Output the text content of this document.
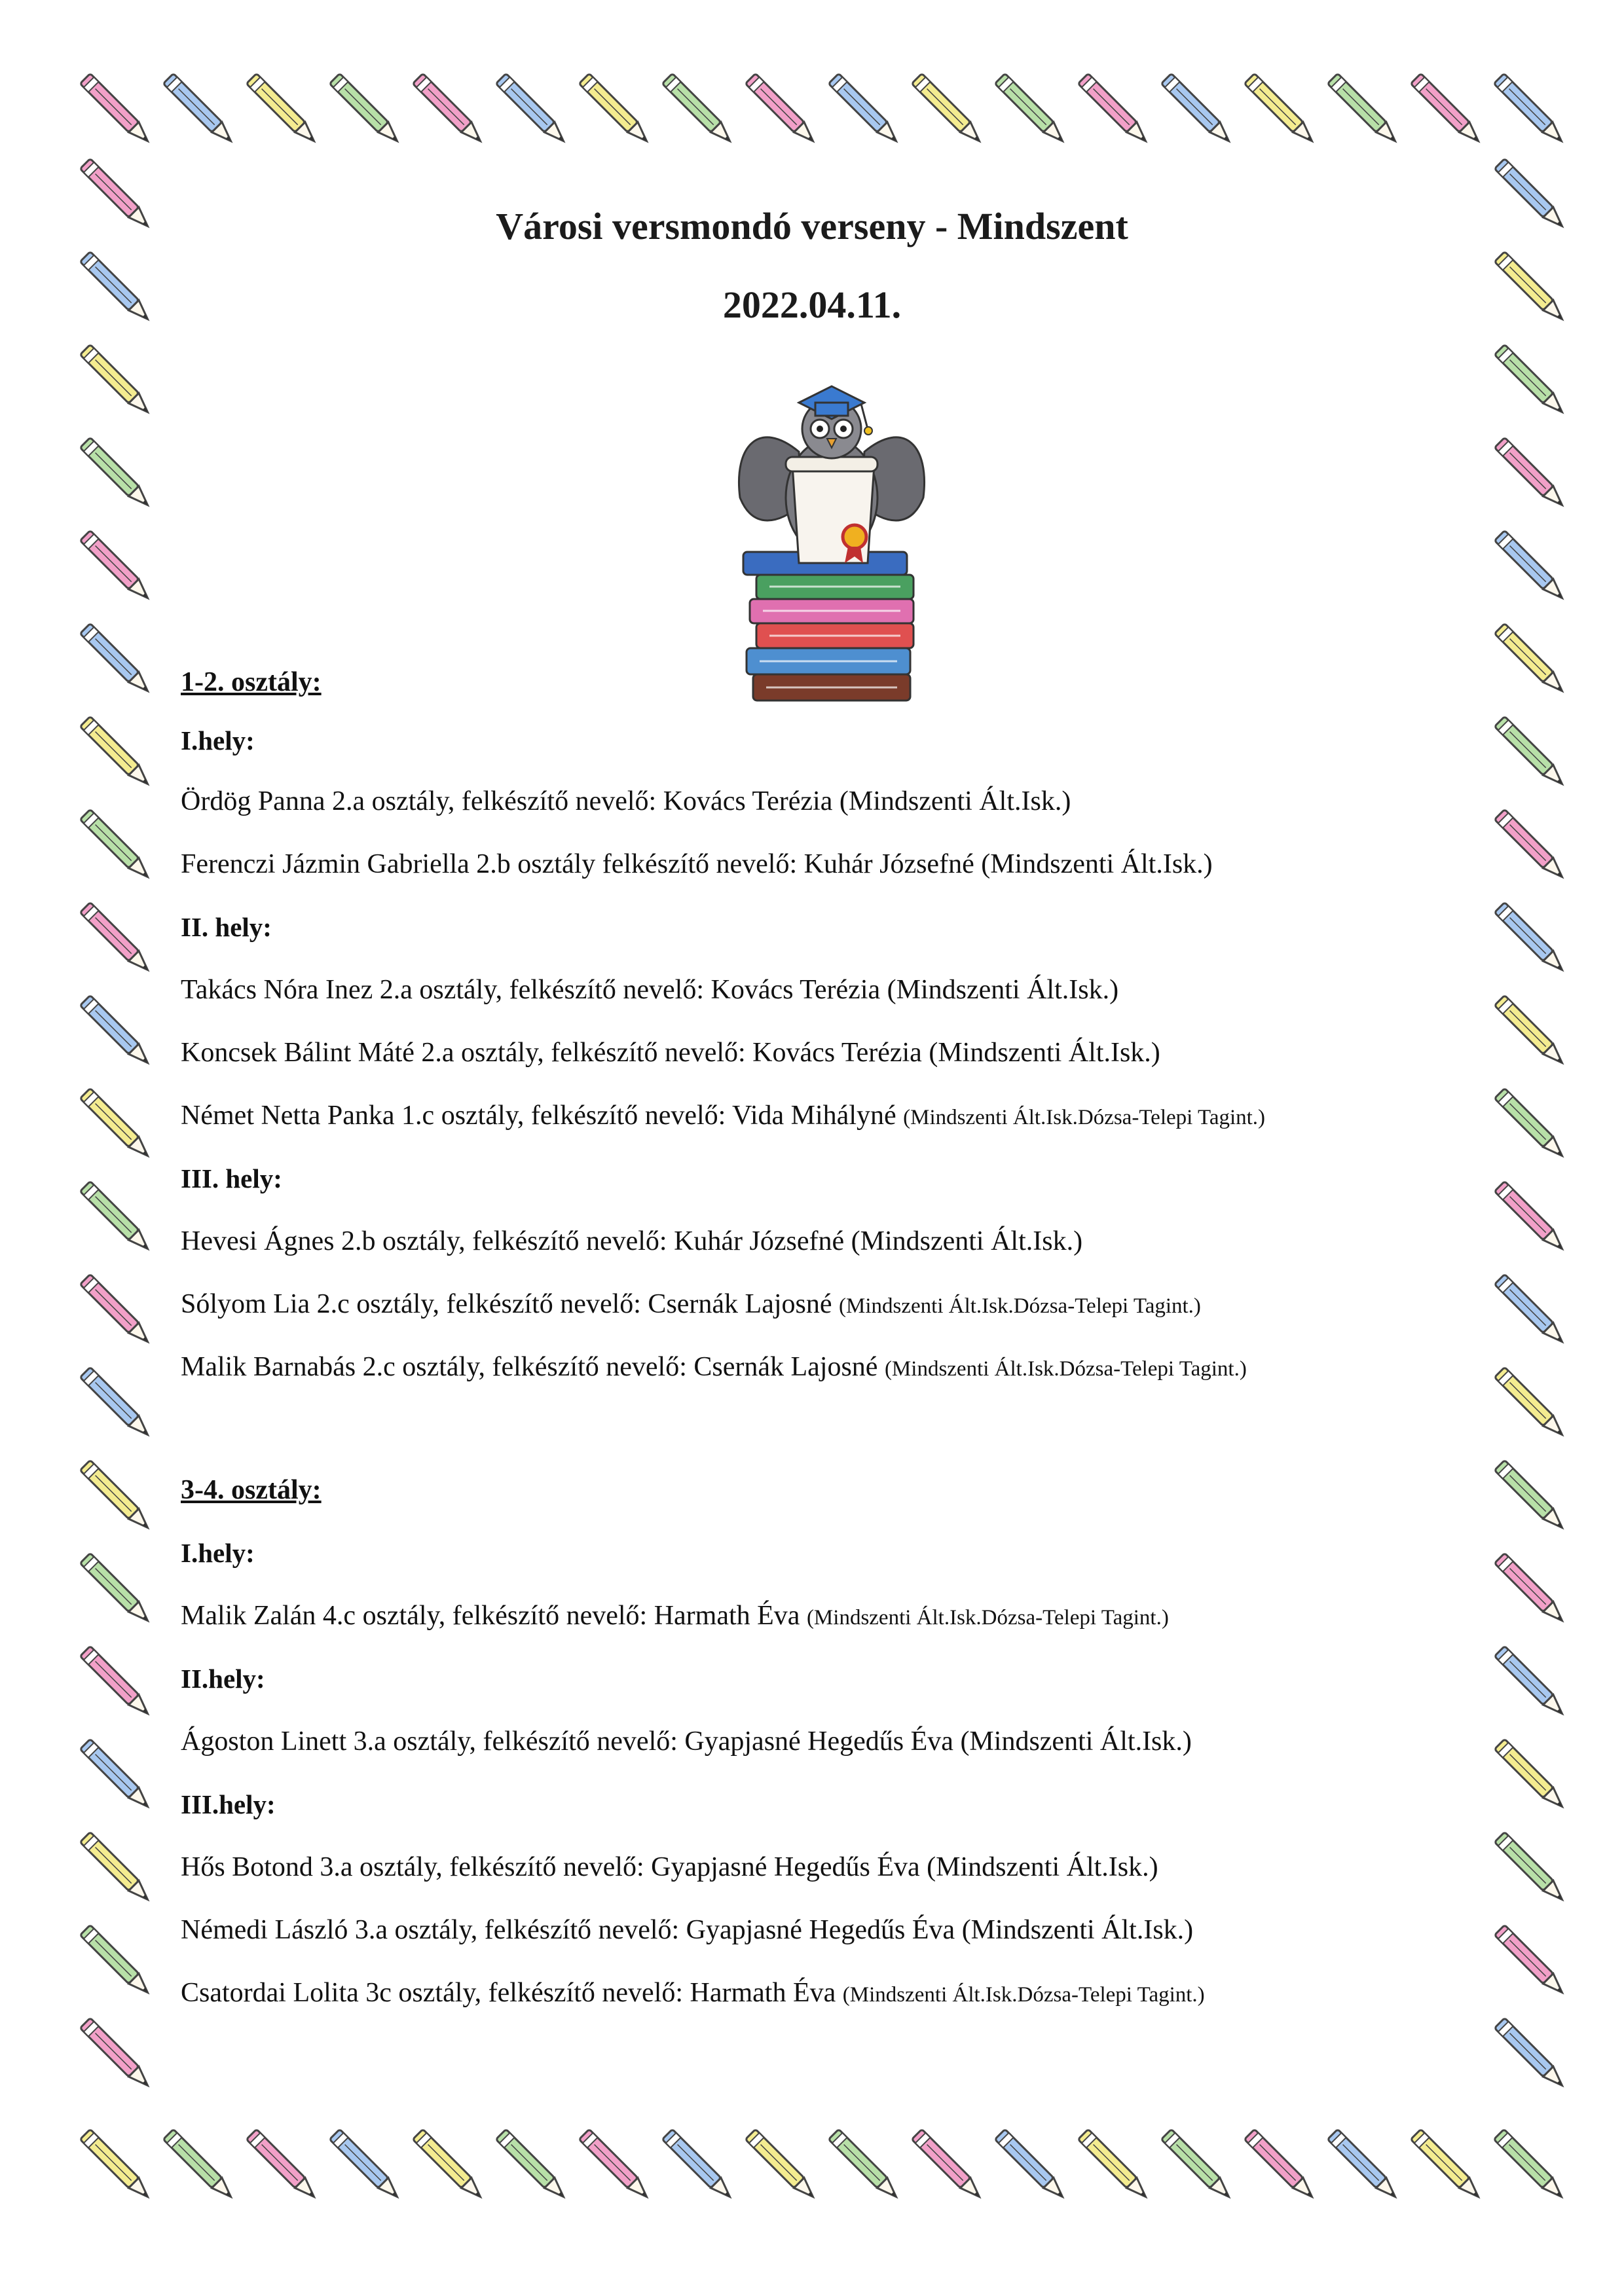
Városi versmondó verseny - Mindszent
2022.04.11.

1-2. osztály:

I.hely:

Ördög Panna 2.a osztály, felkészítő nevelő: Kovács Terézia (Mindszenti Ált.Isk.)

Ferenczi Jázmin Gabriella 2.b osztály felkészítő nevelő: Kuhár Józsefné (Mindszenti Ált.Isk.)

II. hely:

Takács Nóra Inez 2.a osztály, felkészítő nevelő: Kovács Terézia (Mindszenti Ált.Isk.)

Koncsek Bálint Máté 2.a osztály, felkészítő nevelő: Kovács Terézia (Mindszenti Ált.Isk.)

Német Netta Panka 1.c osztály, felkészítő nevelő: Vida Mihályné (Mindszenti Ált.Isk.Dózsa-Telepi Tagint.)

III. hely:

Hevesi Ágnes 2.b osztály, felkészítő nevelő: Kuhár Józsefné (Mindszenti Ált.Isk.)

Sólyom Lia 2.c osztály, felkészítő nevelő: Csernák Lajosné (Mindszenti Ált.Isk.Dózsa-Telepi Tagint.)

Malik Barnabás 2.c osztály, felkészítő nevelő: Csernák Lajosné (Mindszenti Ált.Isk.Dózsa-Telepi Tagint.)

3-4. osztály:

I.hely:

Malik Zalán 4.c osztály, felkészítő nevelő: Harmath Éva (Mindszenti Ált.Isk.Dózsa-Telepi Tagint.)

II.hely:

Ágoston Linett 3.a osztály, felkészítő nevelő: Gyapjasné Hegedűs Éva (Mindszenti Ált.Isk.)

III.hely:

Hős Botond 3.a osztály, felkészítő nevelő: Gyapjasné Hegedűs Éva (Mindszenti Ált.Isk.)

Némedi László 3.a osztály, felkészítő nevelő: Gyapjasné Hegedűs Éva (Mindszenti Ált.Isk.)

Csatordai Lolita 3c osztály, felkészítő nevelő: Harmath Éva (Mindszenti Ált.Isk.Dózsa-Telepi Tagint.)
